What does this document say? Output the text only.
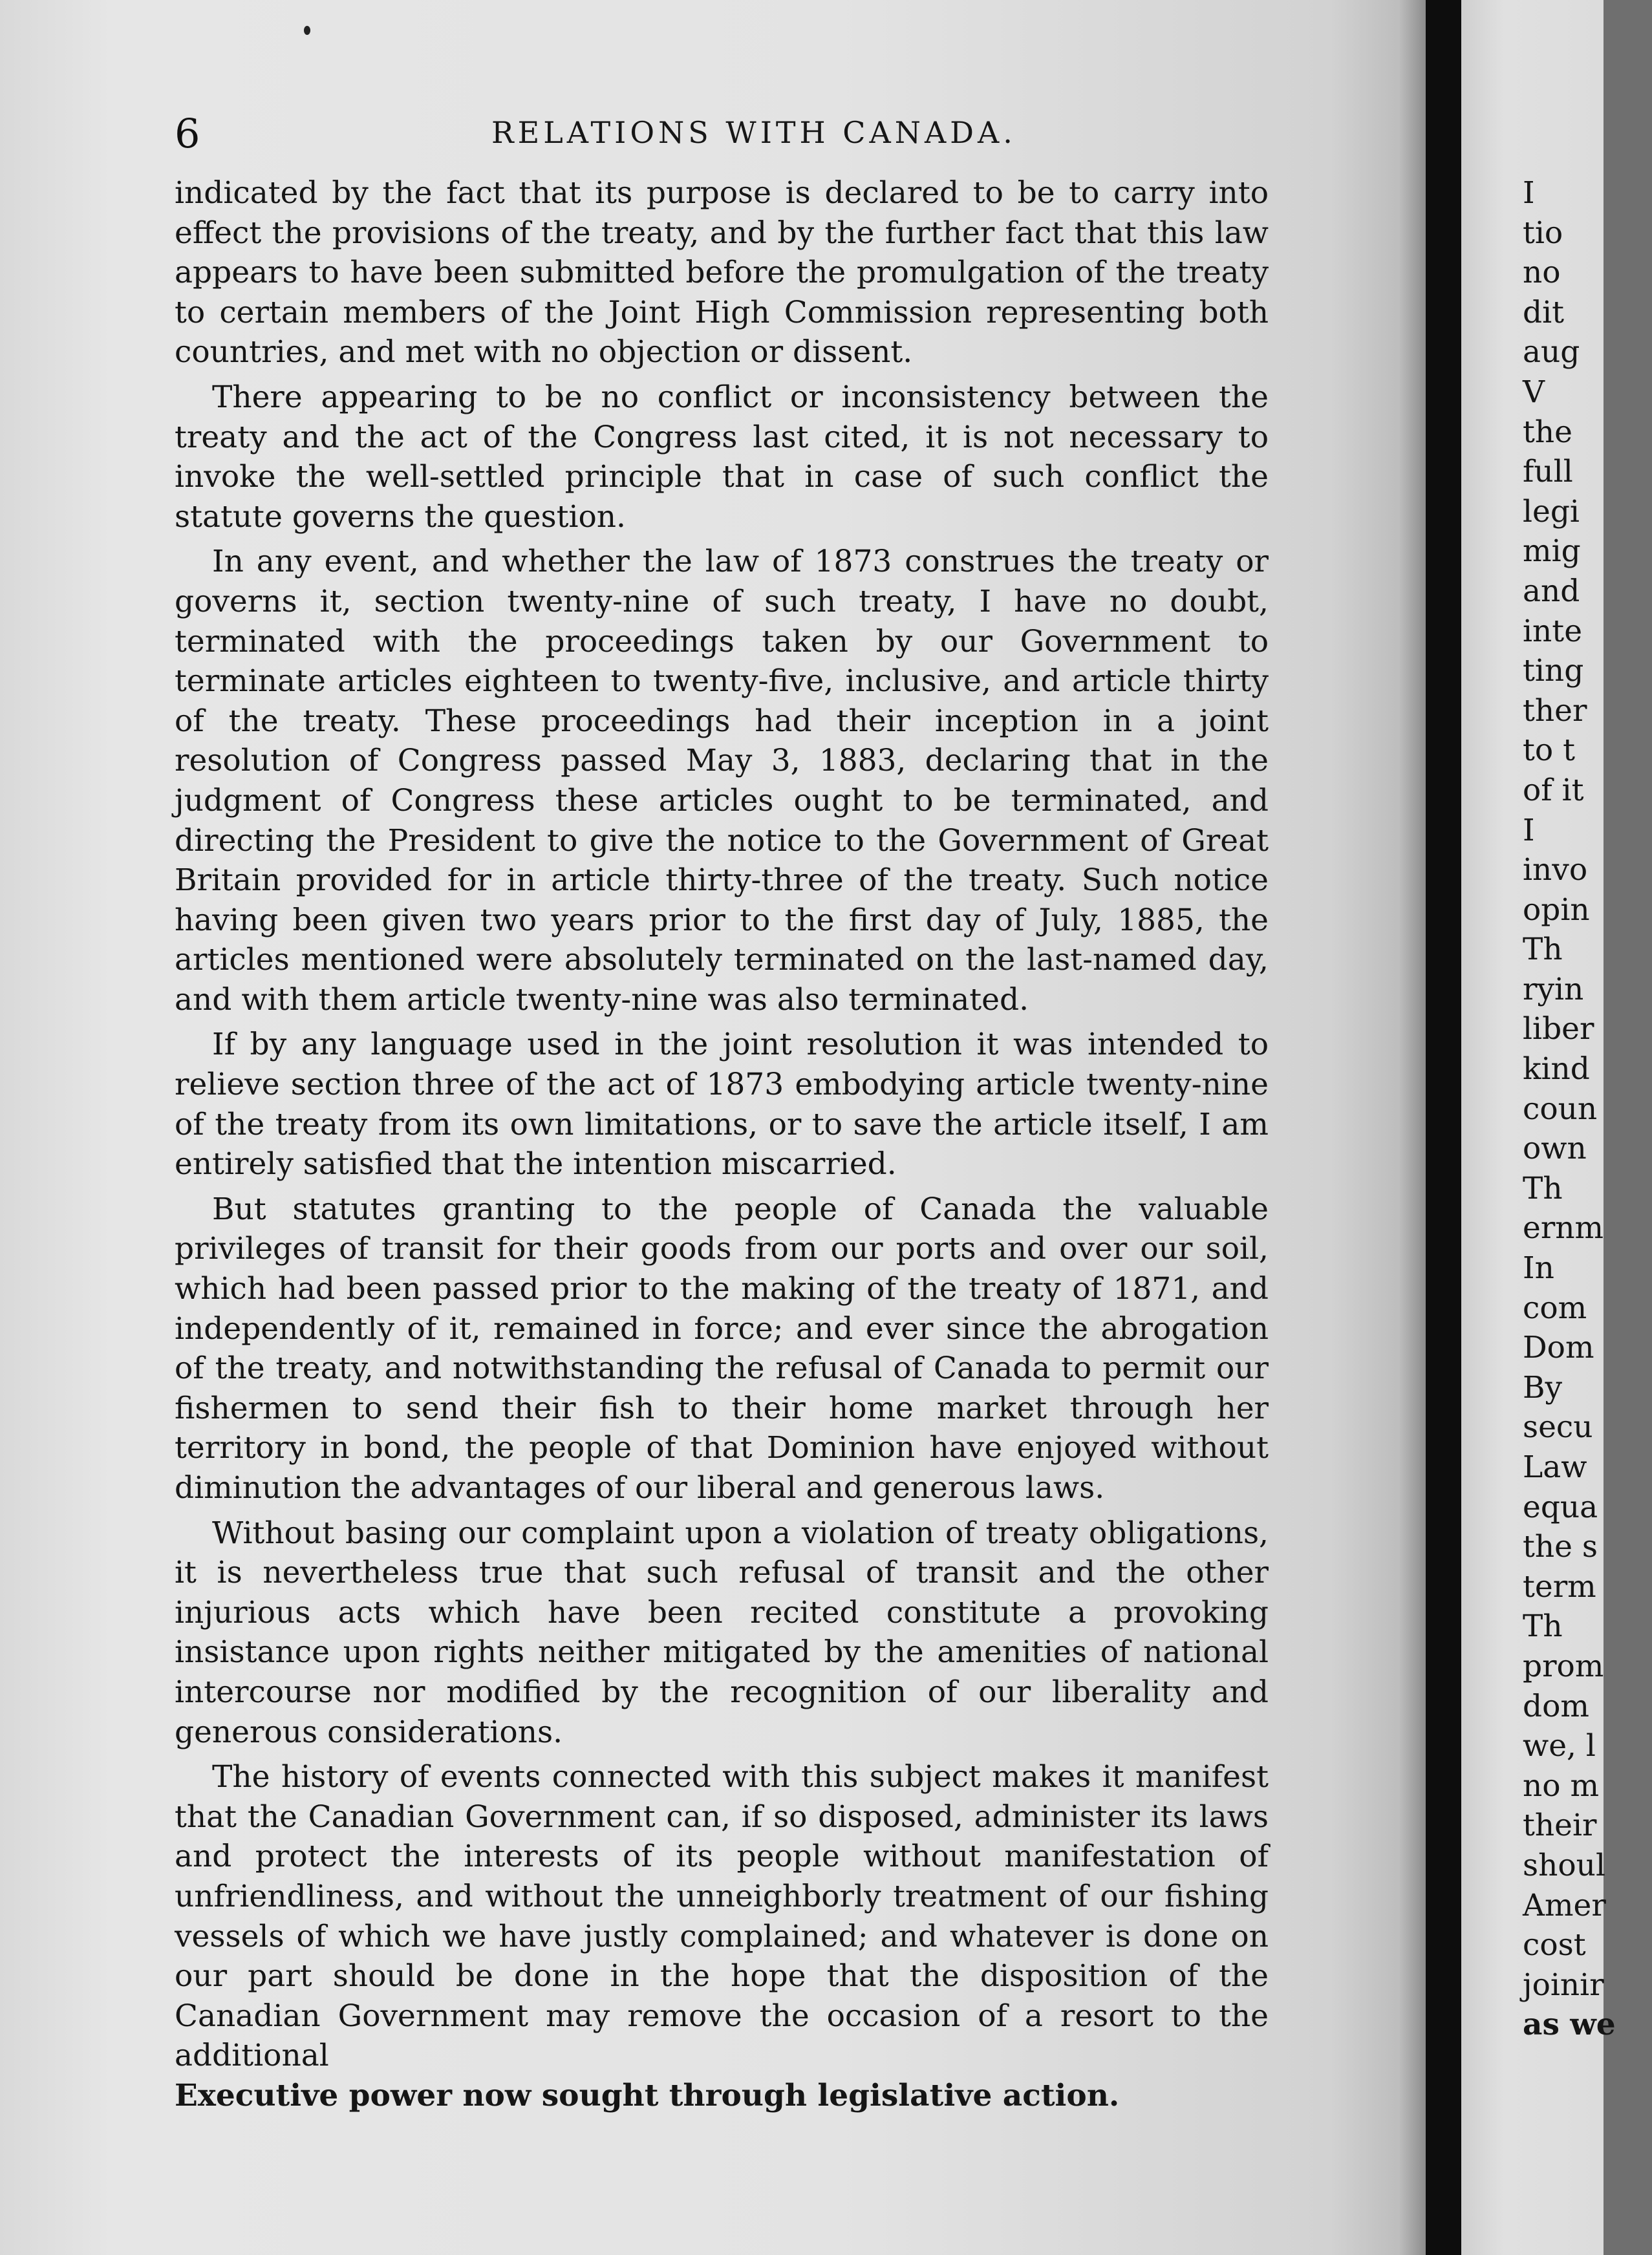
6	RELATIONS WITH CANADA.

indicated by the fact that its purpose is declared to be to carry into effect the provisions of the treaty, and by the further fact that this law appears to have been submitted before the promulgation of the treaty to certain members of the Joint High Commission representing both countries, and met with no objection or dissent.

There appearing to be no conflict or inconsistency between the treaty and the act of the Congress last cited, it is not necessary to invoke the well-settled principle that in case of such conflict the statute governs the question.

In any event, and whether the law of 1873 construes the treaty or governs it, section twenty-nine of such treaty, I have no doubt, terminated with the proceedings taken by our Government to terminate articles eighteen to twenty-five, inclusive, and article thirty of the treaty. These proceedings had their inception in a joint resolution of Congress passed May 3, 1883, declaring that in the judgment of Congress these articles ought to be terminated, and directing the President to give the notice to the Government of Great Britain provided for in article thirty-three of the treaty. Such notice having been given two years prior to the first day of July, 1885, the articles mentioned were absolutely terminated on the last-named day, and with them article twenty-nine was also terminated.

If by any language used in the joint resolution it was intended to relieve section three of the act of 1873 embodying article twenty-nine of the treaty from its own limitations, or to save the article itself, I am entirely satisfied that the intention miscarried.

But statutes granting to the people of Canada the valuable privileges of transit for their goods from our ports and over our soil, which had been passed prior to the making of the treaty of 1871, and independently of it, remained in force; and ever since the abrogation of the treaty, and notwithstanding the refusal of Canada to permit our fishermen to send their fish to their home market through her territory in bond, the people of that Dominion have enjoyed without diminution the advantages of our liberal and generous laws.

Without basing our complaint upon a violation of treaty obligations, it is nevertheless true that such refusal of transit and the other injurious acts which have been recited constitute a provoking insistance upon rights neither mitigated by the amenities of national intercourse nor modified by the recognition of our liberality and generous considerations.

The history of events connected with this subject makes it manifest that the Canadian Government can, if so disposed, administer its laws and protect the interests of its people without manifestation of unfriendliness, and without the unneighborly treatment of our fishing vessels of which we have justly complained; and whatever is done on our part should be done in the hope that the disposition of the Canadian Government may remove the occasion of a resort to the additional

Executive power now sought through legislative action.

I
tio
no
dit
aug
V
the
full
legi
mig
and
inte
ting
ther
to t
of it
I
invo
opin
Th
ryin
liber
kind
coun
own
Th
ernm
In
com
Dom
By
secu
Law
equa
the s
term
Th
prom
dom
we, l
no m
their
shoul
Amer
cost
joinir
as we
